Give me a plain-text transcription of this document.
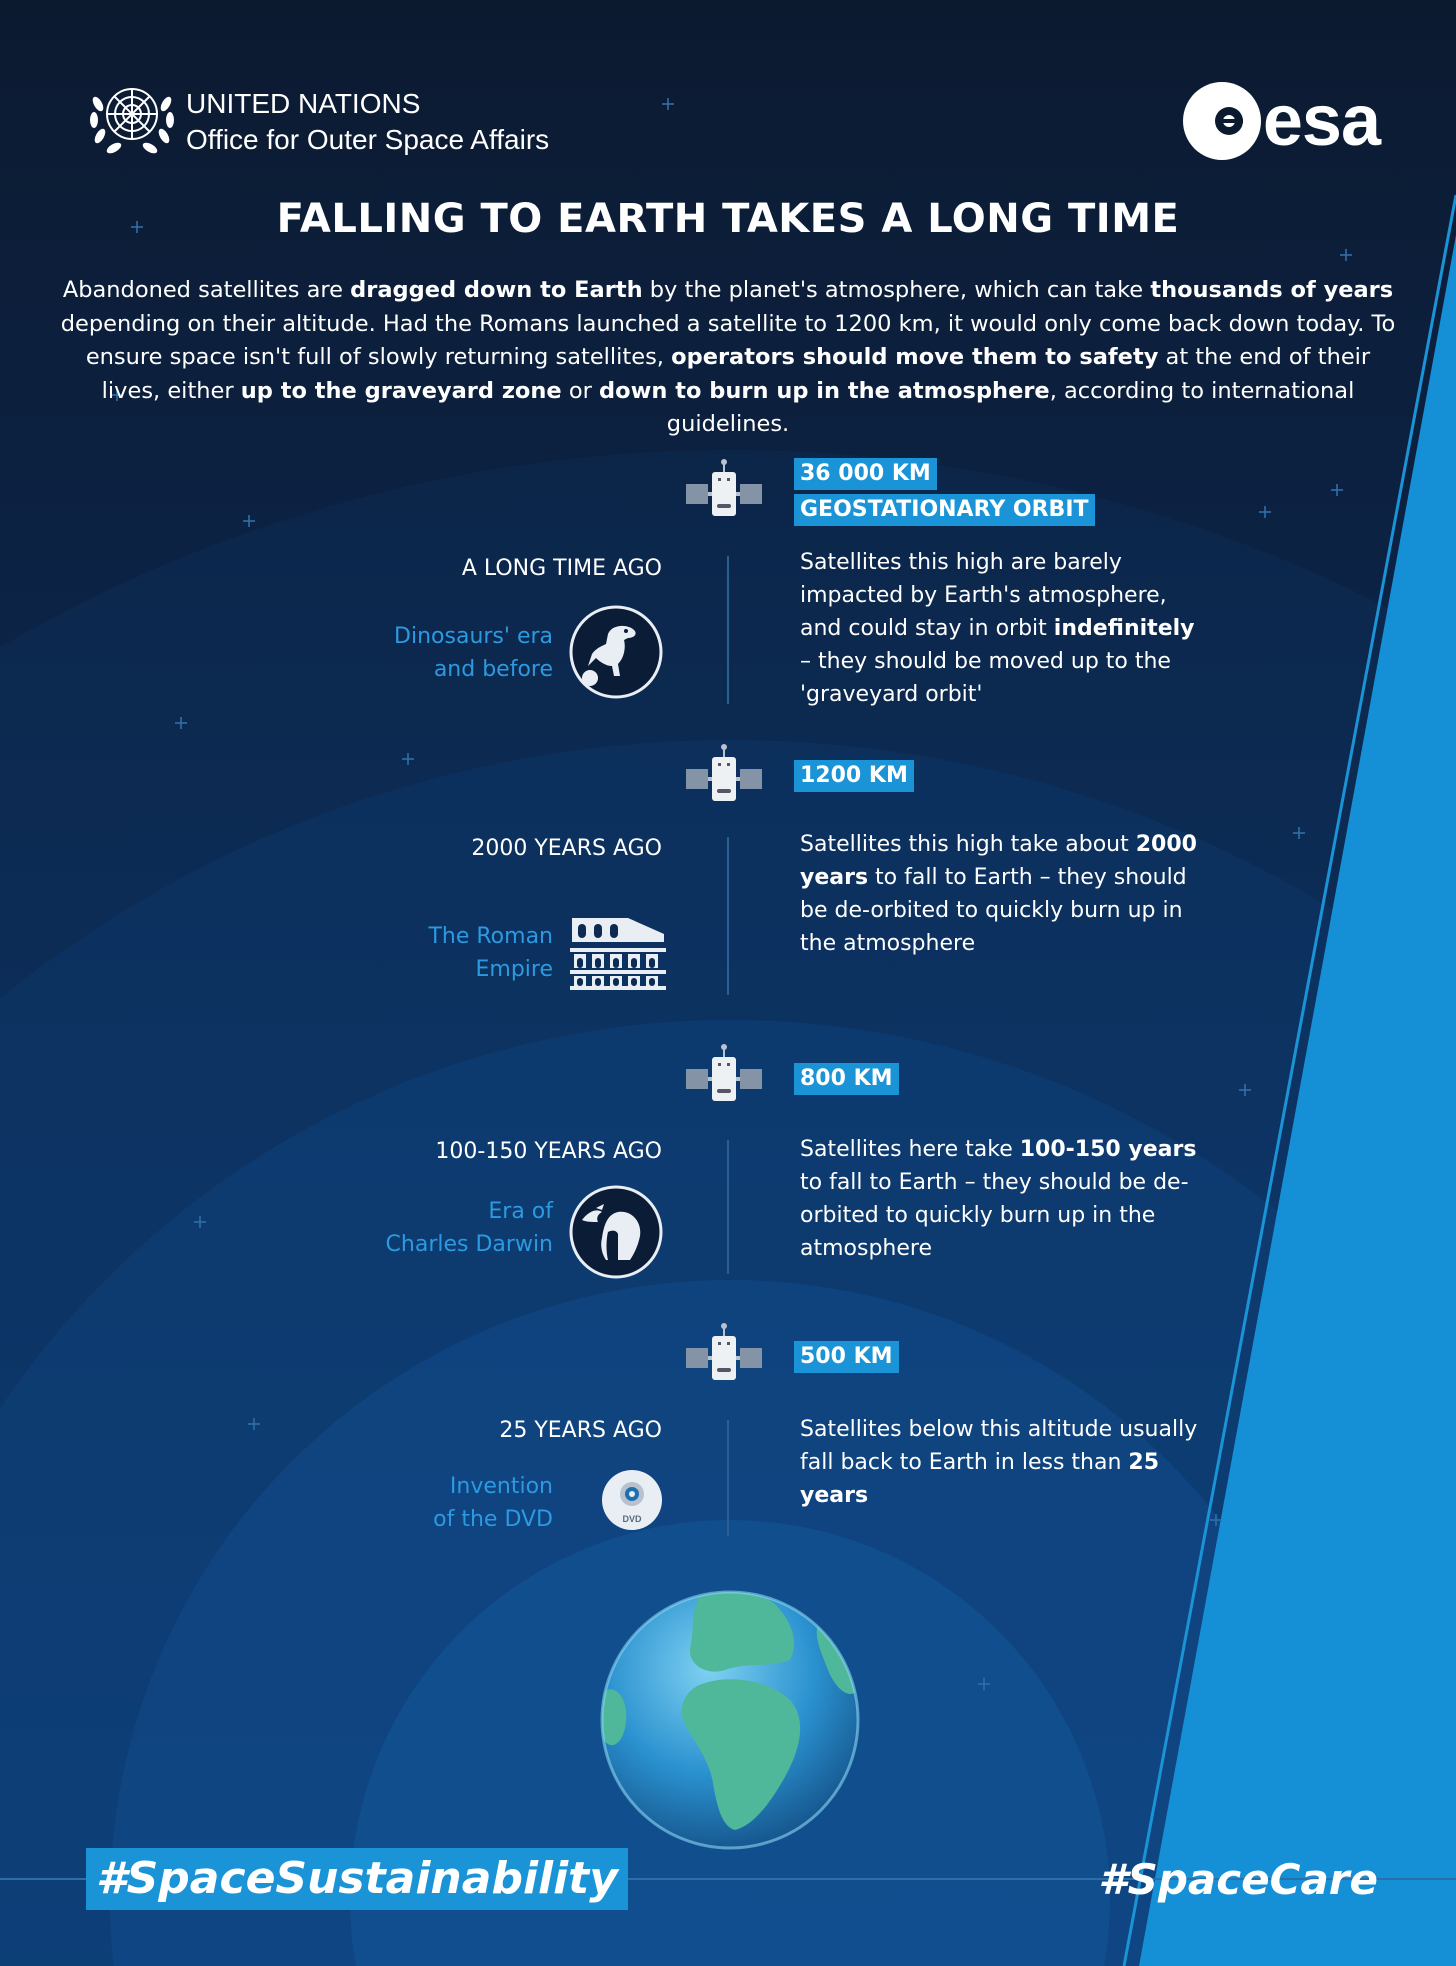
UNITED NATIONS
Office for Outer Space Affairs	esa
FALLING TO EARTH TAKES A LONG TIME
Abandoned satellites are dragged down to Earth by the planet's atmosphere, which can take thousands of years depending on their altitude. Had the Romans launched a satellite to 1200 km, it would only come back down today. To ensure space isn't full of slowly returning satellites, operators should move them to safety at the end of their lives, either up to the graveyard zone or down to burn up in the atmosphere, according to international guidelines.
36 000 KM
GEOSTATIONARY ORBIT
1200 KM
800 KM
500 KM
A LONG TIME AGO
Dinosaurs' era
and before
Satellites this high are barely impacted by Earth's atmosphere, and could stay in orbit indefinitely – they should be moved up to the 'graveyard orbit'
2000 YEARS AGO
The Roman
Empire
Satellites this high take about 2000 years to fall to Earth – they should be de-orbited to quickly burn up in the atmosphere
100-150 YEARS AGO
Era of
Charles Darwin
Satellites here take 100-150 years to fall to Earth – they should be de-orbited to quickly burn up in the atmosphere
25 YEARS AGO
Invention
of the DVD	DVD
Satellites below this altitude usually fall back to Earth in less than 25 years
#SpaceSustainability	#SpaceCare
